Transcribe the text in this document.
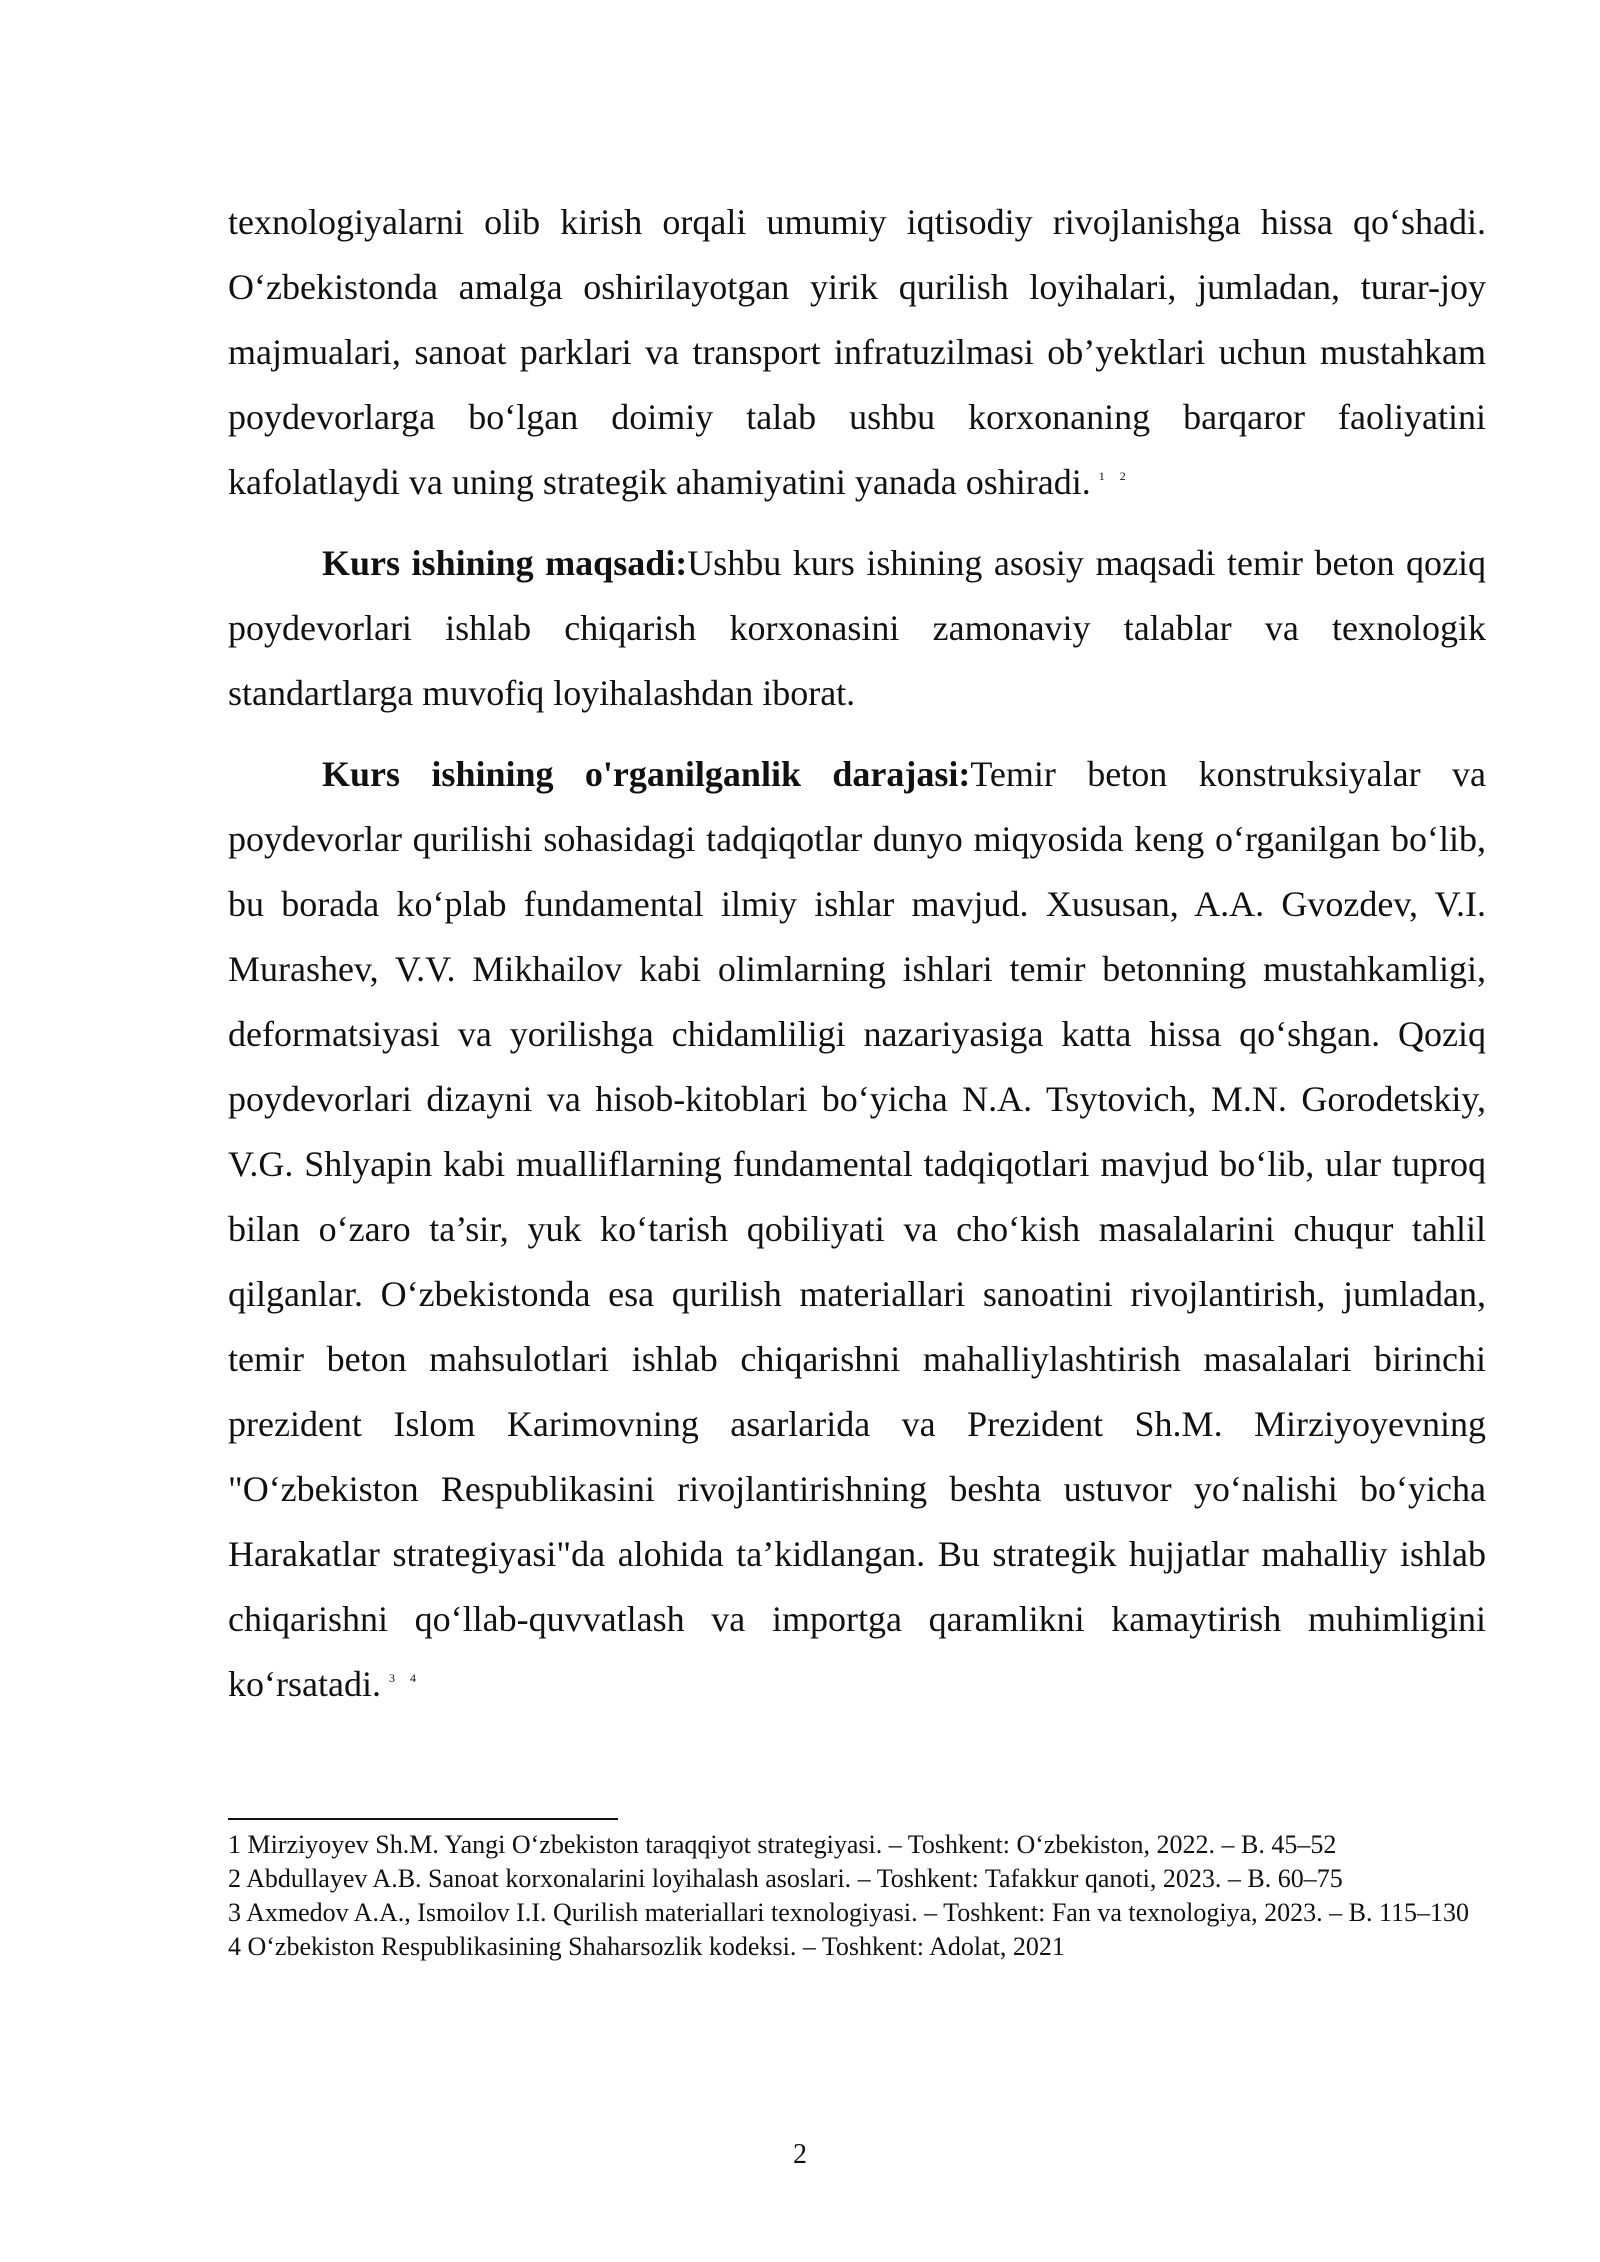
texnologiyalarni olib kirish orqali umumiy iqtisodiy rivojlanishga hissa qo‘shadi. O‘zbekistonda amalga oshirilayotgan yirik qurilish loyihalari, jumladan, turar-joy majmualari, sanoat parklari va transport infratuzilmasi ob’yektlari uchun mustahkam poydevorlarga bo‘lgan doimiy talab ushbu korxonaning barqaror faoliyatini kafolatlaydi va uning strategik ahamiyatini yanada oshiradi. $^{1 2}$

Kurs ishining maqsadi:Ushbu kurs ishining asosiy maqsadi temir beton qoziq poydevorlari ishlab chiqarish korxonasini zamonaviy talablar va texnologik standartlarga muvofiq loyihalashdan iborat.

Kurs ishining o'rganilganlik darajasi:Temir beton konstruksiyalar va poydevorlar qurilishi sohasidagi tadqiqotlar dunyo miqyosida keng o‘rganilgan bo‘lib, bu borada ko‘plab fundamental ilmiy ishlar mavjud. Xususan, A.A. Gvozdev, V.I. Murashev, V.V. Mikhailov kabi olimlarning ishlari temir betonning mustahkamligi, deformatsiyasi va yorilishga chidamliligi nazariyasiga katta hissa qo‘shgan. Qoziq poydevorlari dizayni va hisob-kitoblari bo‘yicha N.A. Tsytovich, M.N. Gorodetskiy, V.G. Shlyapin kabi mualliflarning fundamental tadqiqotlari mavjud bo‘lib, ular tuproq bilan o‘zaro ta’sir, yuk ko‘tarish qobiliyati va cho‘kish masalalarini chuqur tahlil qilganlar. O‘zbekistonda esa qurilish materiallari sanoatini rivojlantirish, jumladan, temir beton mahsulotlari ishlab chiqarishni mahalliylashtirish masalalari birinchi prezident Islom Karimovning asarlarida va Prezident Sh.M. Mirziyoyevning "O‘zbekiston Respublikasini rivojlantirishning beshta ustuvor yo‘nalishi bo‘yicha Harakatlar strategiyasi"da alohida ta’kidlangan. Bu strategik hujjatlar mahalliy ishlab chiqarishni qo‘llab-quvvatlash va importga qaramlikni kamaytirish muhimligini ko‘rsatadi. $^{3 4}$

1 Mirziyoyev Sh.M. Yangi O‘zbekiston taraqqiyot strategiyasi. – Toshkent: O‘zbekiston, 2022. – B. 45–52

2 Abdullayev A.B. Sanoat korxonalarini loyihalash asoslari. – Toshkent: Tafakkur qanoti, 2023. – B. 60–75

3 Axmedov A.A., Ismoilov I.I. Qurilish materiallari texnologiyasi. – Toshkent: Fan va texnologiya, 2023. – B. 115–130

4 O‘zbekiston Respublikasining Shaharsozlik kodeksi. – Toshkent: Adolat, 2021

2
